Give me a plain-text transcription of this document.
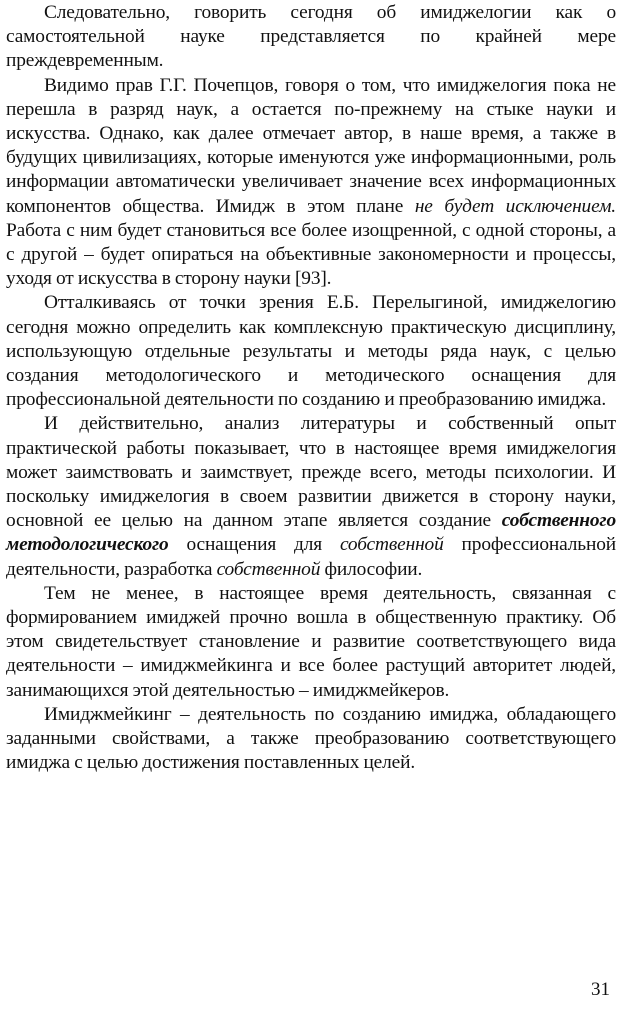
Следовательно, говорить сегодня об имиджелогии как о самостоятельной науке представляется по крайней мере преждевременным.

Видимо прав Г.Г. Почепцов, говоря о том, что имиджелогия пока не перешла в разряд наук, а остается по-прежнему на стыке науки и искусства. Однако, как далее отмечает автор, в наше время, а также в будущих цивилизациях, которые именуются уже информационными, роль информации автоматически увеличивает значение всех информационных компонентов общества. Имидж в этом плане не будет исключением. Работа с ним будет становиться все более изощренной, с одной стороны, а с другой – будет опираться на объективные закономерности и процессы, уходя от искусства в сторону науки [93].

Отталкиваясь от точки зрения Е.Б. Перелыгиной, имиджелогию сегодня можно определить как комплексную практическую дисциплину, использующую отдельные результаты и методы ряда наук, с целью создания методологического и методического оснащения для профессиональной деятельности по созданию и преобразованию имиджа.

И действительно, анализ литературы и собственный опыт практической работы показывает, что в настоящее время имиджелогия может заимствовать и заимствует, прежде всего, методы психологии. И поскольку имиджелогия в своем развитии движется в сторону науки, основной ее целью на данном этапе является создание собственного методологического оснащения для собственной профессиональной деятельности, разработка собственной философии.

Тем не менее, в настоящее время деятельность, связанная с формированием имиджей прочно вошла в общественную практику. Об этом свидетельствует становление и развитие соответствующего вида деятельности – имиджмейкинга и все более растущий авторитет людей, занимающихся этой деятельностью – имиджмейкеров.

Имиджмейкинг – деятельность по созданию имиджа, обладающего заданными свойствами, а также преобразованию соответствующего имиджа с целью достижения поставленных целей.

31
